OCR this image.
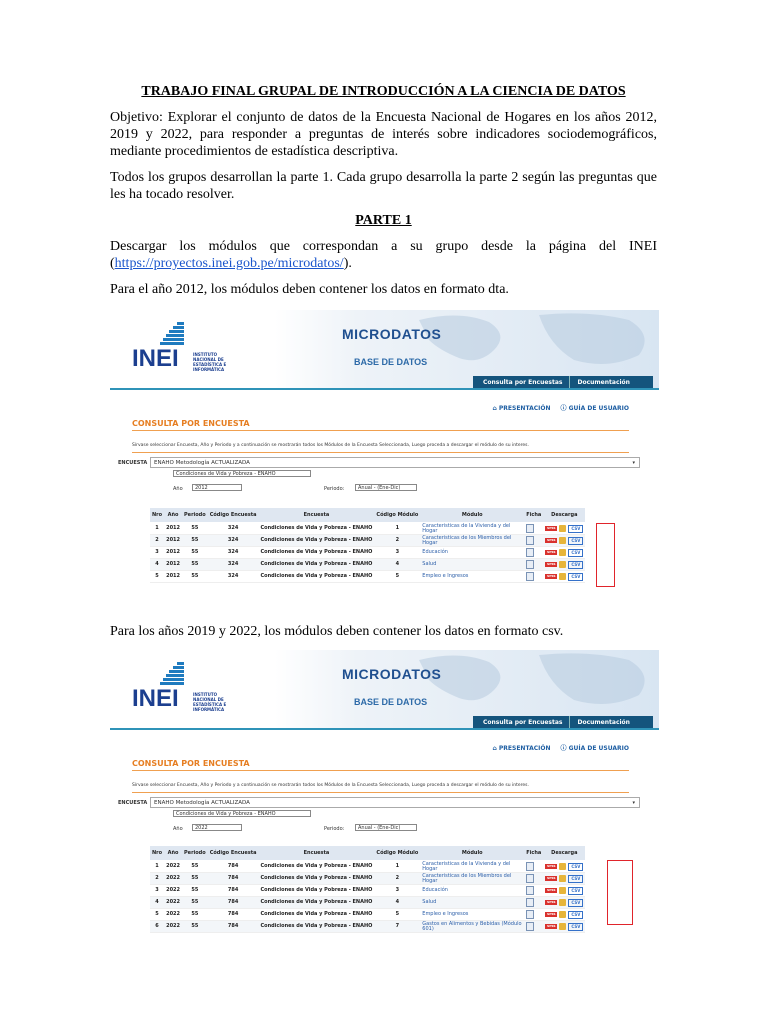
TRABAJO FINAL GRUPAL DE INTRODUCCIÓN A LA CIENCIA DE DATOS

Objetivo: Explorar el conjunto de datos de la Encuesta Nacional de Hogares en los años 2012, 2019 y 2022, para responder a preguntas de interés sobre indicadores sociodemográficos, mediante procedimientos de estadística descriptiva.

Todos los grupos desarrollan la parte 1. Cada grupo desarrolla la parte 2 según las preguntas que les ha tocado resolver.

PARTE 1

Descargar los módulos que correspondan a su grupo desde la página del INEI (https://proyectos.inei.gob.pe/microdatos/).

Para el año 2012, los módulos deben contener los datos en formato dta.

INEI	INSTITUTO NACIONAL DE ESTADÍSTICA E INFORMÁTICA
MICRODATOS
BASE DE DATOS
Consulta por Encuestas	Documentación
⌂ PRESENTACIÓN ⓘ GUÍA DE USUARIO
CONSULTA POR ENCUESTA
Sírvase seleccionar Encuesta, Año y Periodo y a continuación se mostrarán todos los Módulos de la Encuesta Seleccionada, Luego proceda a descargar el módulo de su interes.
ENCUESTA	ENAHO Metodología ACTUALIZADA	▾
Condiciones de Vida y Pobreza - ENAHO
Año	2012	Periodo:	Anual - (Ene-Dic)
Nro	Año	Periodo	Código Encuesta	Encuesta	Código Módulo	Módulo	Ficha	Descarga
1	2012	55	324	Condiciones de Vida y Pobreza - ENAHO	1	Caracteristicas de la Vivienda y del Hogar		SPSS CSV
2	2012	55	324	Condiciones de Vida y Pobreza - ENAHO	2	Caracteristicas de los Miembros del Hogar		SPSS CSV
3	2012	55	324	Condiciones de Vida y Pobreza - ENAHO	3	Educación		SPSS CSV
4	2012	55	324	Condiciones de Vida y Pobreza - ENAHO	4	Salud		SPSS CSV
5	2012	55	324	Condiciones de Vida y Pobreza - ENAHO	5	Empleo e Ingresos		SPSS CSV

Para los años 2019 y 2022, los módulos deben contener los datos en formato csv.

INEI	INSTITUTO NACIONAL DE ESTADÍSTICA E INFORMÁTICA
MICRODATOS
BASE DE DATOS
Consulta por Encuestas	Documentación
⌂ PRESENTACIÓN ⓘ GUÍA DE USUARIO
CONSULTA POR ENCUESTA
Sírvase seleccionar Encuesta, Año y Periodo y a continuación se mostrarán todos los Módulos de la Encuesta Seleccionada, Luego proceda a descargar el módulo de su interes.
ENCUESTA	ENAHO Metodología ACTUALIZADA	▾
Condiciones de Vida y Pobreza - ENAHO
Año	2022	Periodo:	Anual - (Ene-Dic)
Nro	Año	Periodo	Código Encuesta	Encuesta	Código Módulo	Módulo	Ficha	Descarga
1	2022	55	784	Condiciones de Vida y Pobreza - ENAHO	1	Caracteristicas de la Vivienda y del Hogar		SPSS CSV
2	2022	55	784	Condiciones de Vida y Pobreza - ENAHO	2	Caracteristicas de los Miembros del Hogar		SPSS CSV
3	2022	55	784	Condiciones de Vida y Pobreza - ENAHO	3	Educación		SPSS CSV
4	2022	55	784	Condiciones de Vida y Pobreza - ENAHO	4	Salud		SPSS CSV
5	2022	55	784	Condiciones de Vida y Pobreza - ENAHO	5	Empleo e Ingresos		SPSS CSV
6	2022	55	784	Condiciones de Vida y Pobreza - ENAHO	7	Gastos en Alimentos y Bebidas (Módulo 601)		SPSS CSV
